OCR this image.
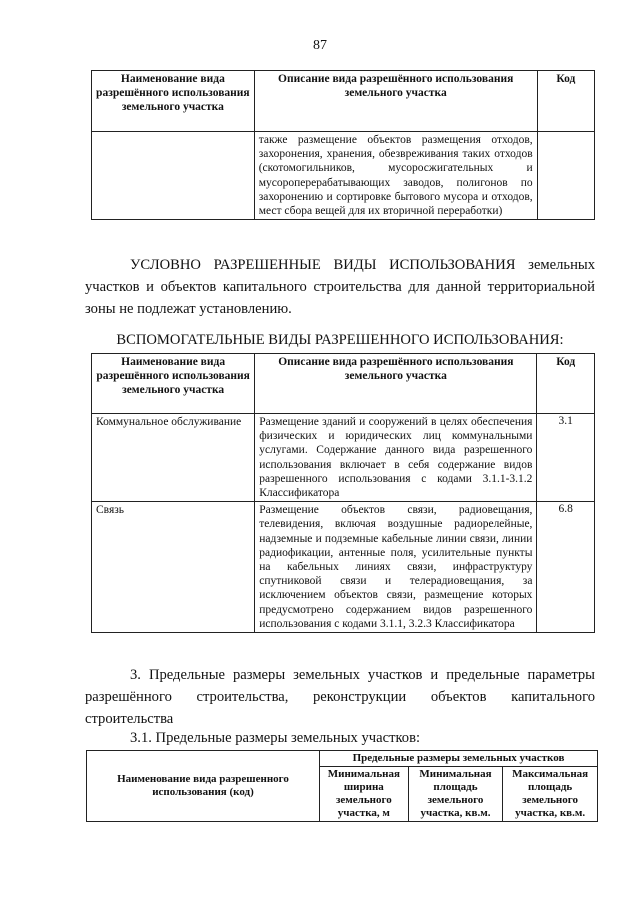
87
Наименование вида разрешённого использования земельного участка	Описание вида разрешённого использования земельного участка	Код
	также размещение объектов размещения отходов, захоронения, хранения, обезвреживания таких отходов (скотомогильников, мусоросжигательных и мусороперерабатывающих заводов, полигонов по захоронению и сортировке бытового мусора и отходов, мест сбора вещей для их вторичной переработки)	
УСЛОВНО РАЗРЕШЕННЫЕ ВИДЫ ИСПОЛЬЗОВАНИЯ земельных участков и объектов капитального строительства для данной территориальной зоны не подлежат установлению.
ВСПОМОГАТЕЛЬНЫЕ ВИДЫ РАЗРЕШЕННОГО ИСПОЛЬЗОВАНИЯ:
Наименование вида разрешённого использования земельного участка	Описание вида разрешённого использования земельного участка	Код
Коммунальное обслуживание	Размещение зданий и сооружений в целях обеспечения физических и юридических лиц коммунальными услугами. Содержание данного вида разрешенного использования включает в себя содержание видов разрешенного использования с кодами 3.1.1-3.1.2 Классификатора	3.1
Связь	Размещение объектов связи, радиовещания, телевидения, включая воздушные радиорелейные, надземные и подземные кабельные линии связи, линии радиофикации, антенные поля, усилительные пункты на кабельных линиях связи, инфраструктуру спутниковой связи и телерадиовещания, за исключением объектов связи, размещение которых предусмотрено содержанием видов разрешенного использования с кодами 3.1.1, 3.2.3 Классификатора	6.8
3. Предельные размеры земельных участков и предельные параметры разрешённого строительства, реконструкции объектов капитального строительства
3.1. Предельные размеры земельных участков:
Наименование вида разрешенного использования (код)	Предельные размеры земельных участков		
	Минимальная ширина земельного участка, м	Минимальная площадь земельного участка, кв.м.	Максимальная площадь земельного участка, кв.м.
